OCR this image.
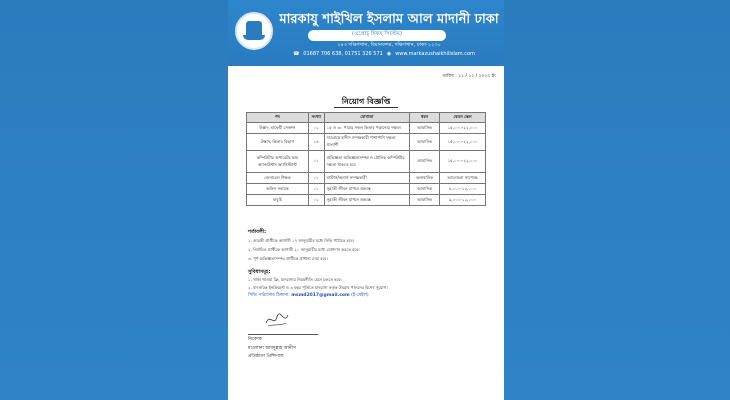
মারকাযু শাইখিল ইসলাম আল মাদানী ঢাকা
(এপ্রোচ্ হিফয্ সিস্টেম)
২৪৩ দক্ষিণখান, বিমানবন্দর, দক্ষিণখান, ঢাকা-১২৩০
☎ 01687 706 638, 01751 326 571 ◉ www.markazushaikhilislam.com
তারিখ : ১১ / ১২ / ২০২৩ ইং
নিয়োগ বিজ্ঞপ্তি
পদ	সংখ্যা	যোগ্যতা	ধরন	বেতন স্কেল
উস্তাদ, হাফেযী সেকশন	০১	১৫ ও ৩০ পারার সকল কিতাব পড়ানোর দক্ষতা	আবাসিক	১৫,০০০-২২,০০০
উস্তাদ, কিতাব বিভাগ	০৪	দাওরায়ে হাদীস সম্পন্নকারী পাশাপাশি দক্ষতা প্রত্যাশী	আবাসিক	১৫,০০০-২২,০০০
কম্পিউটার অপারেটর কাম অ্যাকাউন্টস অ্যাসিস্ট্যান্ট	০১	অভিজ্ঞতা অভিজ্ঞতাসম্পন্ন ও মৌলিক কম্পিউটার দক্ষতা থাকতে হবে	আবাসিক	১৫,০০০-২২,০০০
জেনারেল শিক্ষক	০১	মাস্টার্স/অনার্স সম্পন্নকারী	অনাবাসিক	আলোচনা সাপেক্ষে
অফিস সহায়ক	০১	সুন্নাতী জীবন যাপনে অভ্যস্ত	আবাসিক	৮,০০০-১২,০০০
বাবুর্চি	০১	সুন্নাতী জীবন যাপনে অভ্যস্ত	আবাসিক	৯,০০০-১২,০০০
শর্তাবলী:
১. আগ্রহী প্রার্থীকে আগামী ১৭ জানুয়ারীর মধ্যে সিভি পাঠাতে হবে।
২. নির্বাচিত প্রার্থীকে আগামী ২০ জানুয়ারীর মধ্যে যোগদান করতে হবে।
৩. পূর্ণ অভিজ্ঞতাসম্পন্ন প্রার্থীকে প্রাধান্য দেয়া হবে।
সুবিধাসমূহ:
১. থাকা খাওয়া ফ্রি, মাদরাসার নিয়মনীতি মেনে চলতে হবে।
২. বাৎসরিক ইনক্রিমেন্ট ও ৩ বছর পূর্তিতে মাদরাসা কর্তৃক উমরাহ পালনের বিশেষ সুযোগ।
সিভি পাঠানোর ঠিকানা: msmd2017@gmail.com (ই-মেইল)
নিবেদক
মাওলানা আবদুল্লাহ আনীস
প্রতিষ্ঠাতা প্রিন্সিপাল
